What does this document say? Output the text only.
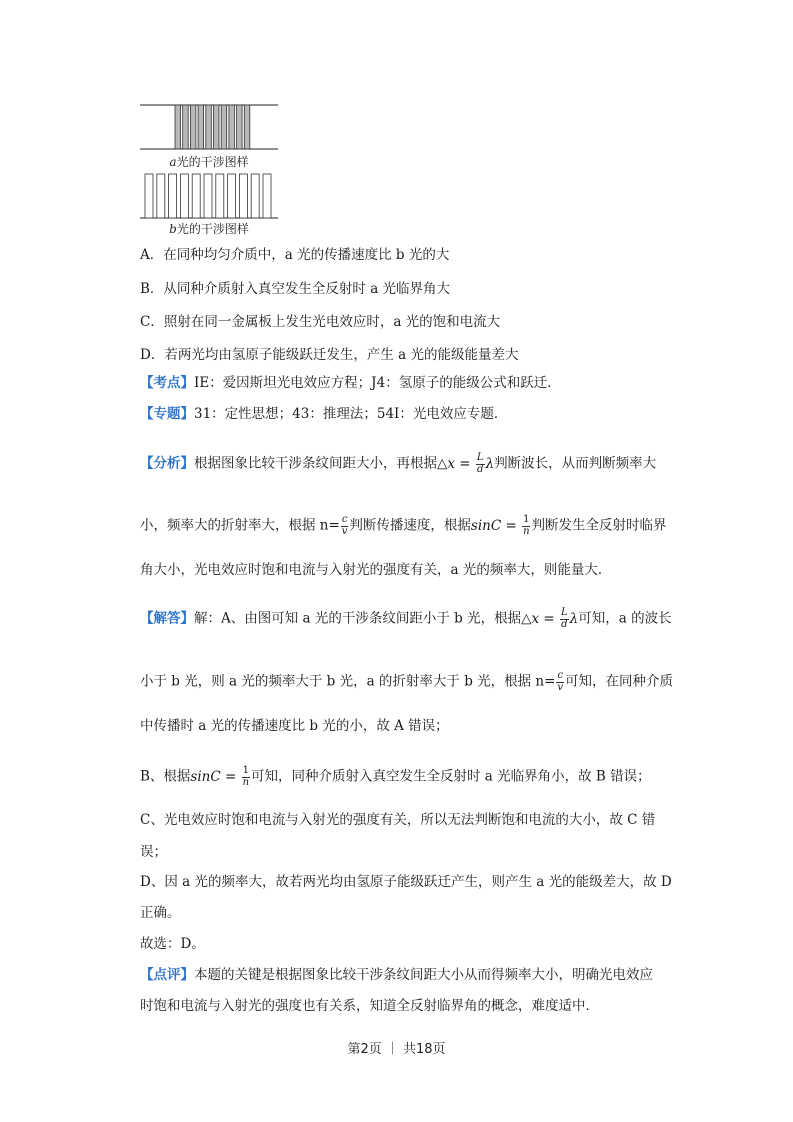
a光的干涉图样
b光的干涉图样
A．在同种均匀介质中，a 光的传播速度比 b 光的大
B．从同种介质射入真空发生全反射时 a 光临界角大
C．照射在同一金属板上发生光电效应时，a 光的饱和电流大
D．若两光均由氢原子能级跃迁发生，产生 a 光的能级能量差大
【考点】IE：爱因斯坦光电效应方程；J4：氢原子的能级公式和跃迁．
【专题】31：定性思想；43：推理法；54I：光电效应专题．
【分析】根据图象比较干涉条纹间距大小，再根据△x = $\frac{L}{d}$ λ判断波长，从而判断频率大
小，频率大的折射率大，根据 $n= \frac{c}{v}$ 判断传播速度，根据$\sin C = \frac{1}{n}$ 判断发生全反射时临界
角大小，光电效应时饱和电流与入射光的强度有关，a 光的频率大，则能量大．
【解答】解：A、由图可知 a 光的干涉条纹间距小于 b 光，根据△x = $\frac{L}{d}$ λ可知，a 的波长
小于 b 光，则 a 光的频率大于 b 光，a 的折射率大于 b 光，根据 $n= \frac{c}{v}$ 可知，在同种介质
中传播时 a 光的传播速度比 b 光的小，故 A 错误；
B、根据$\sin C = \frac{1}{n}$ 可知，同种介质射入真空发生全反射时 a 光临界角小，故 B 错误；
C、光电效应时饱和电流与入射光的强度有关，所以无法判断饱和电流的大小，故 C 错
误；
D、因 a 光的频率大，故若两光均由氢原子能级跃迁产生，则产生 a 光的能级差大，故 D
正确。
故选：D。
【点评】本题的关键是根据图象比较干涉条纹间距大小从而得频率大小，明确光电效应
时饱和电流与入射光的强度也有关系，知道全反射临界角的概念，难度适中．
第2页 ｜ 共18页
